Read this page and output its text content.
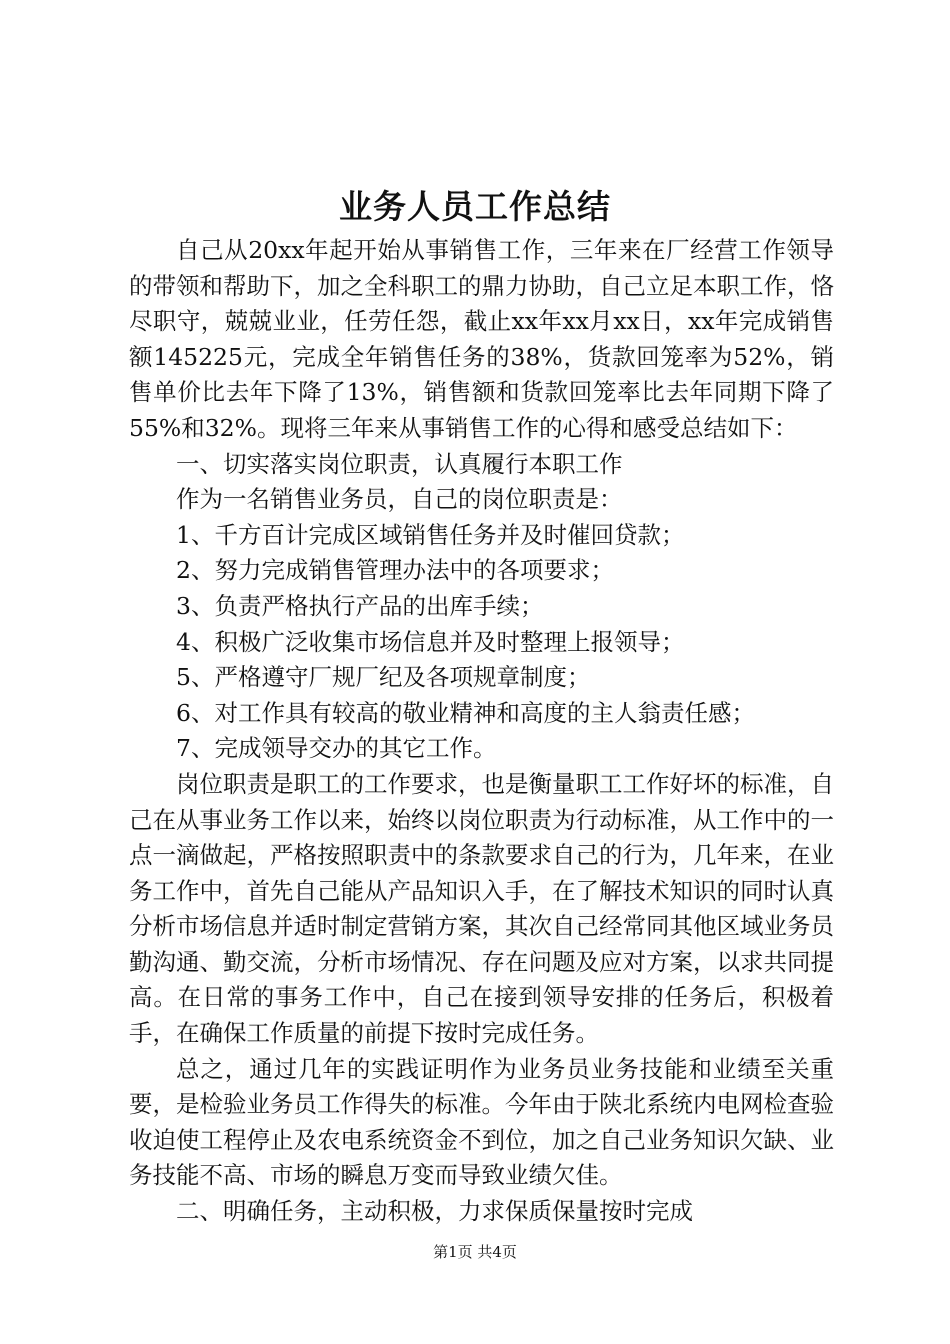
业务人员工作总结

自己从20xx年起开始从事销售工作，三年来在厂经营工作领导的带领和帮助下，加之全科职工的鼎力协助，自己立足本职工作，恪尽职守，兢兢业业，任劳任怨，截止xx年xx月xx日，xx年完成销售额145225元，完成全年销售任务的38%，货款回笼率为52%，销售单价比去年下降了13%，销售额和货款回笼率比去年同期下降了55%和32%。现将三年来从事销售工作的心得和感受总结如下：

一、切实落实岗位职责，认真履行本职工作

作为一名销售业务员，自己的岗位职责是：

1、千方百计完成区域销售任务并及时催回贷款；

2、努力完成销售管理办法中的各项要求；

3、负责严格执行产品的出库手续；

4、积极广泛收集市场信息并及时整理上报领导；

5、严格遵守厂规厂纪及各项规章制度；

6、对工作具有较高的敬业精神和高度的主人翁责任感；

7、完成领导交办的其它工作。

岗位职责是职工的工作要求，也是衡量职工工作好坏的标准，自己在从事业务工作以来，始终以岗位职责为行动标准，从工作中的一点一滴做起，严格按照职责中的条款要求自己的行为，几年来，在业务工作中，首先自己能从产品知识入手，在了解技术知识的同时认真分析市场信息并适时制定营销方案，其次自己经常同其他区域业务员勤沟通、勤交流，分析市场情况、存在问题及应对方案，以求共同提高。在日常的事务工作中，自己在接到领导安排的任务后，积极着手，在确保工作质量的前提下按时完成任务。

总之，通过几年的实践证明作为业务员业务技能和业绩至关重要，是检验业务员工作得失的标准。今年由于陕北系统内电网检查验收迫使工程停止及农电系统资金不到位，加之自己业务知识欠缺、业务技能不高、市场的瞬息万变而导致业绩欠佳。

二、明确任务，主动积极，力求保质保量按时完成

第1页 共4页
